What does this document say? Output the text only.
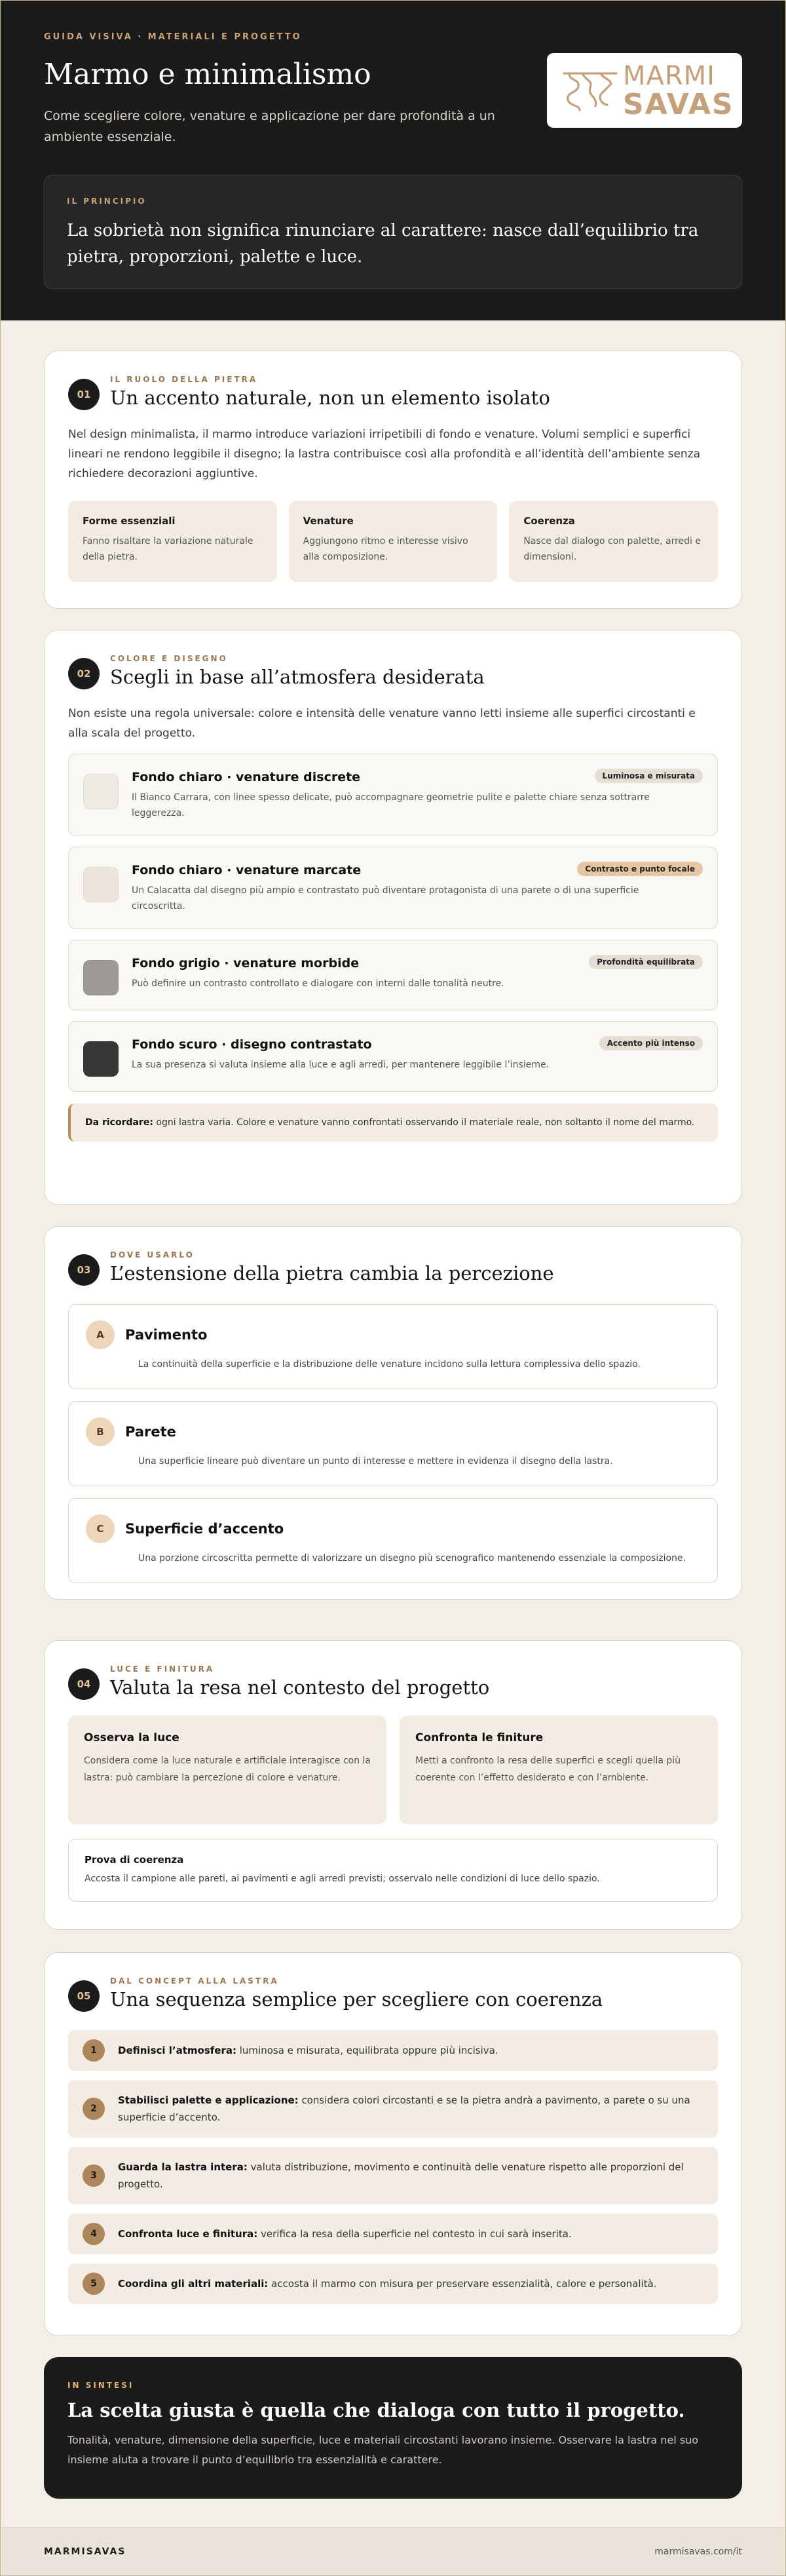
GUIDA VISIVA · MATERIALI E PROGETTO
Marmo e minimalismo

Come scegliere colore, venature e applicazione per dare profondità a un ambiente essenziale.

MARMI
SAVAS
IL PRINCIPIO

La sobrietà non significa rinunciare al carattere: nasce dall’equilibrio tra pietra, proporzioni, palette e luce.

01
IL RUOLO DELLA PIETRA
Un accento naturale, non un elemento isolato

Nel design minimalista, il marmo introduce variazioni irripetibili di fondo e venature. Volumi semplici e superfici lineari ne rendono leggibile il disegno; la lastra contribuisce così alla profondità e all’identità dell’ambiente senza richiedere decorazioni aggiuntive.

Forme essenziali
Fanno risaltare la variazione naturale della pietra.
Venature
Aggiungono ritmo e interesse visivo alla composizione.
Coerenza
Nasce dal dialogo con palette, arredi e dimensioni.
02
COLORE E DISEGNO
Scegli in base all’atmosfera desiderata

Non esiste una regola universale: colore e intensità delle venature vanno letti insieme alle superfici circostanti e alla scala del progetto.

Fondo chiaro · venature discrete
Il Bianco Carrara, con linee spesso delicate, può accompagnare geometrie pulite e palette chiare senza sottrarre leggerezza.
Luminosa e misurata
Fondo chiaro · venature marcate
Un Calacatta dal disegno più ampio e contrastato può diventare protagonista di una parete o di una superficie circoscritta.
Contrasto e punto focale
Fondo grigio · venature morbide
Può definire un contrasto controllato e dialogare con interni dalle tonalità neutre.
Profondità equilibrata
Fondo scuro · disegno contrastato
La sua presenza si valuta insieme alla luce e agli arredi, per mantenere leggibile l’insieme.
Accento più intenso
Da ricordare: ogni lastra varia. Colore e venature vanno confrontati osservando il materiale reale, non soltanto il nome del marmo.
03
DOVE USARLO
L’estensione della pietra cambia la percezione
A	Pavimento
La continuità della superficie e la distribuzione delle venature incidono sulla lettura complessiva dello spazio.
B	Parete
Una superficie lineare può diventare un punto di interesse e mettere in evidenza il disegno della lastra.
C	Superficie d’accento
Una porzione circoscritta permette di valorizzare un disegno più scenografico mantenendo essenziale la composizione.
04
LUCE E FINITURA
Valuta la resa nel contesto del progetto
Osserva la luce
Considera come la luce naturale e artificiale interagisce con la lastra: può cambiare la percezione di colore e venature.
Confronta le finiture
Metti a confronto la resa delle superfici e scegli quella più coerente con l’effetto desiderato e con l’ambiente.
Prova di coerenza
Accosta il campione alle pareti, ai pavimenti e agli arredi previsti; osservalo nelle condizioni di luce dello spazio.
05
DAL CONCEPT ALLA LASTRA
Una sequenza semplice per scegliere con coerenza
1	Definisci l’atmosfera: luminosa e misurata, equilibrata oppure più incisiva.
2
Stabilisci palette e applicazione: considera colori circostanti e se la pietra andrà a pavimento, a parete o su una superficie d’accento.
3
Guarda la lastra intera: valuta distribuzione, movimento e continuità delle venature rispetto alle proporzioni del progetto.
4	Confronta luce e finitura: verifica la resa della superficie nel contesto in cui sarà inserita.
5	Coordina gli altri materiali: accosta il marmo con misura per preservare essenzialità, calore e personalità.
IN SINTESI
La scelta giusta è quella che dialoga con tutto il progetto.

Tonalità, venature, dimensione della superficie, luce e materiali circostanti lavorano insieme. Osservare la lastra nel suo insieme aiuta a trovare il punto d’equilibrio tra essenzialità e carattere.

MARMISAVAS	marmisavas.com/it
